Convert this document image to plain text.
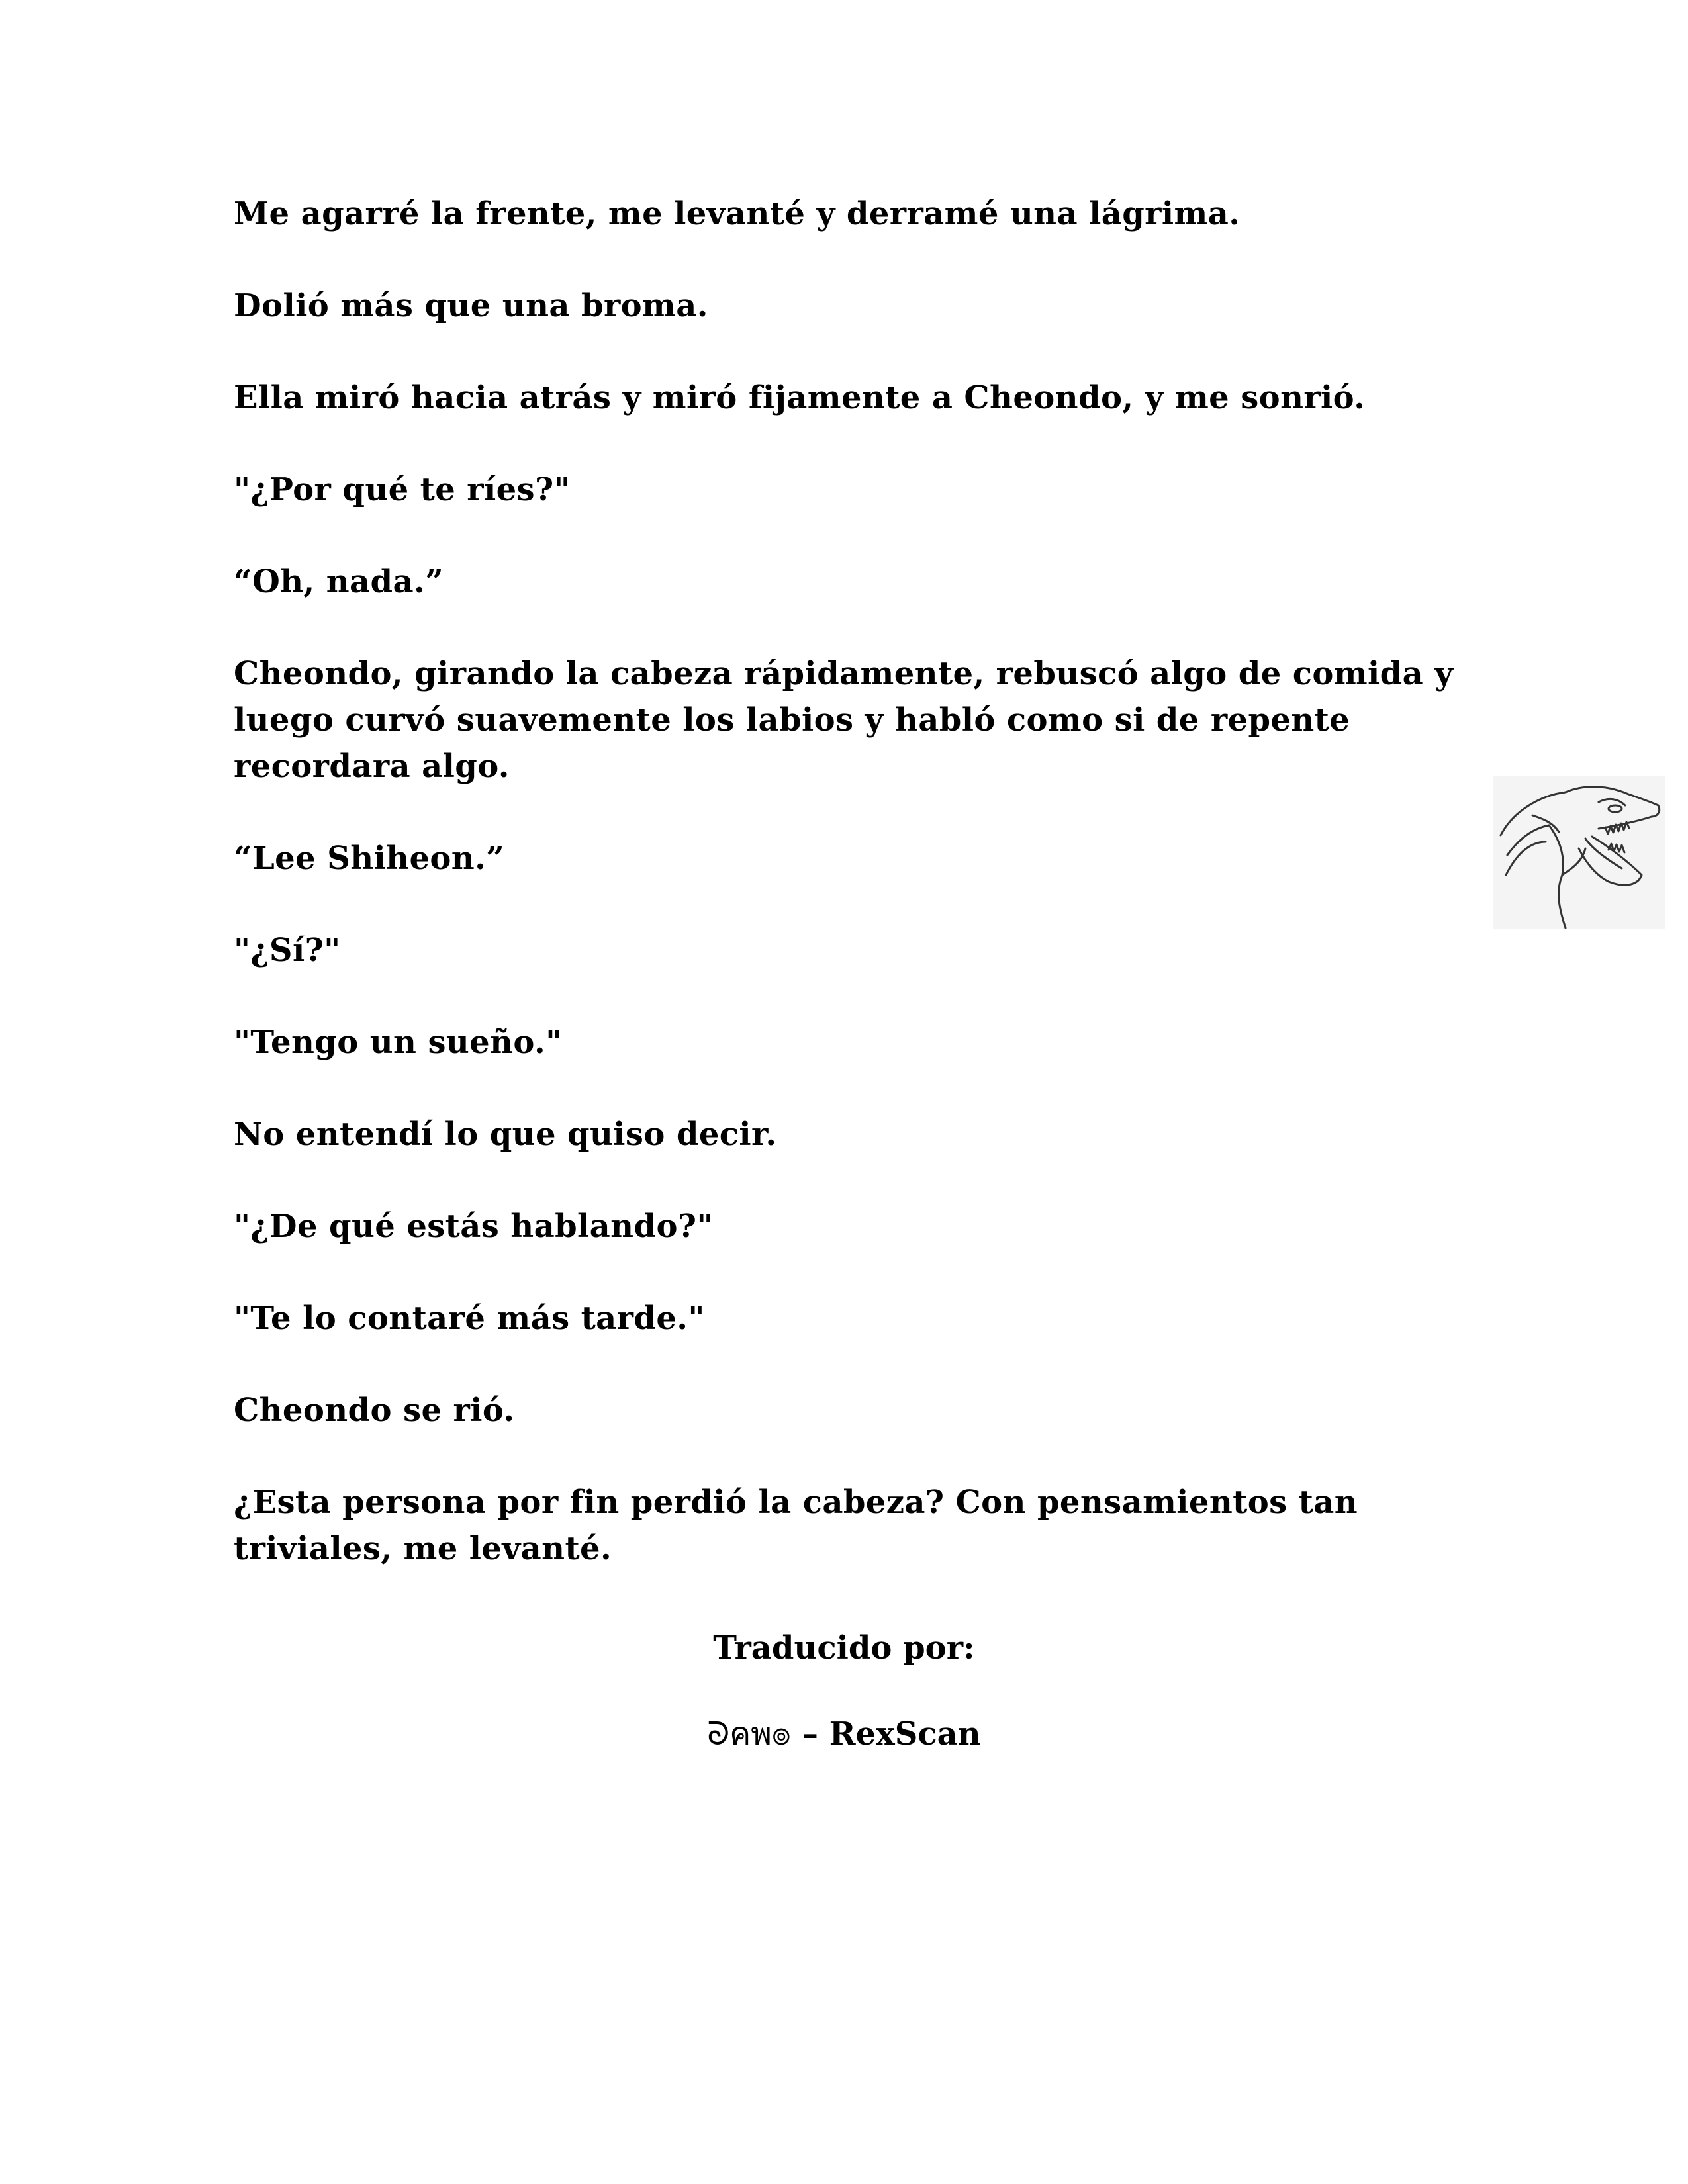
Me agarré la frente, me levanté y derramé una lágrima.

Dolió más que una broma.

Ella miró hacia atrás y miró fijamente a Cheondo, y me sonrió.

"¿Por qué te ríes?"

“Oh, nada.”

Cheondo, girando la cabeza rápidamente, rebuscó algo de comida y luego curvó suavemente los labios y habló como si de repente recordara algo.

“Lee Shiheon.”

"¿Sí?"

"Tengo un sueño."

No entendí lo que quiso decir.

"¿De qué estás hablando?"

"Te lo contaré más tarde."

Cheondo se rió.

¿Esta persona por fin perdió la cabeza? Con pensamientos tan triviales, me levanté.

Traducido por:
ᘐคพ๏ – RexScan
